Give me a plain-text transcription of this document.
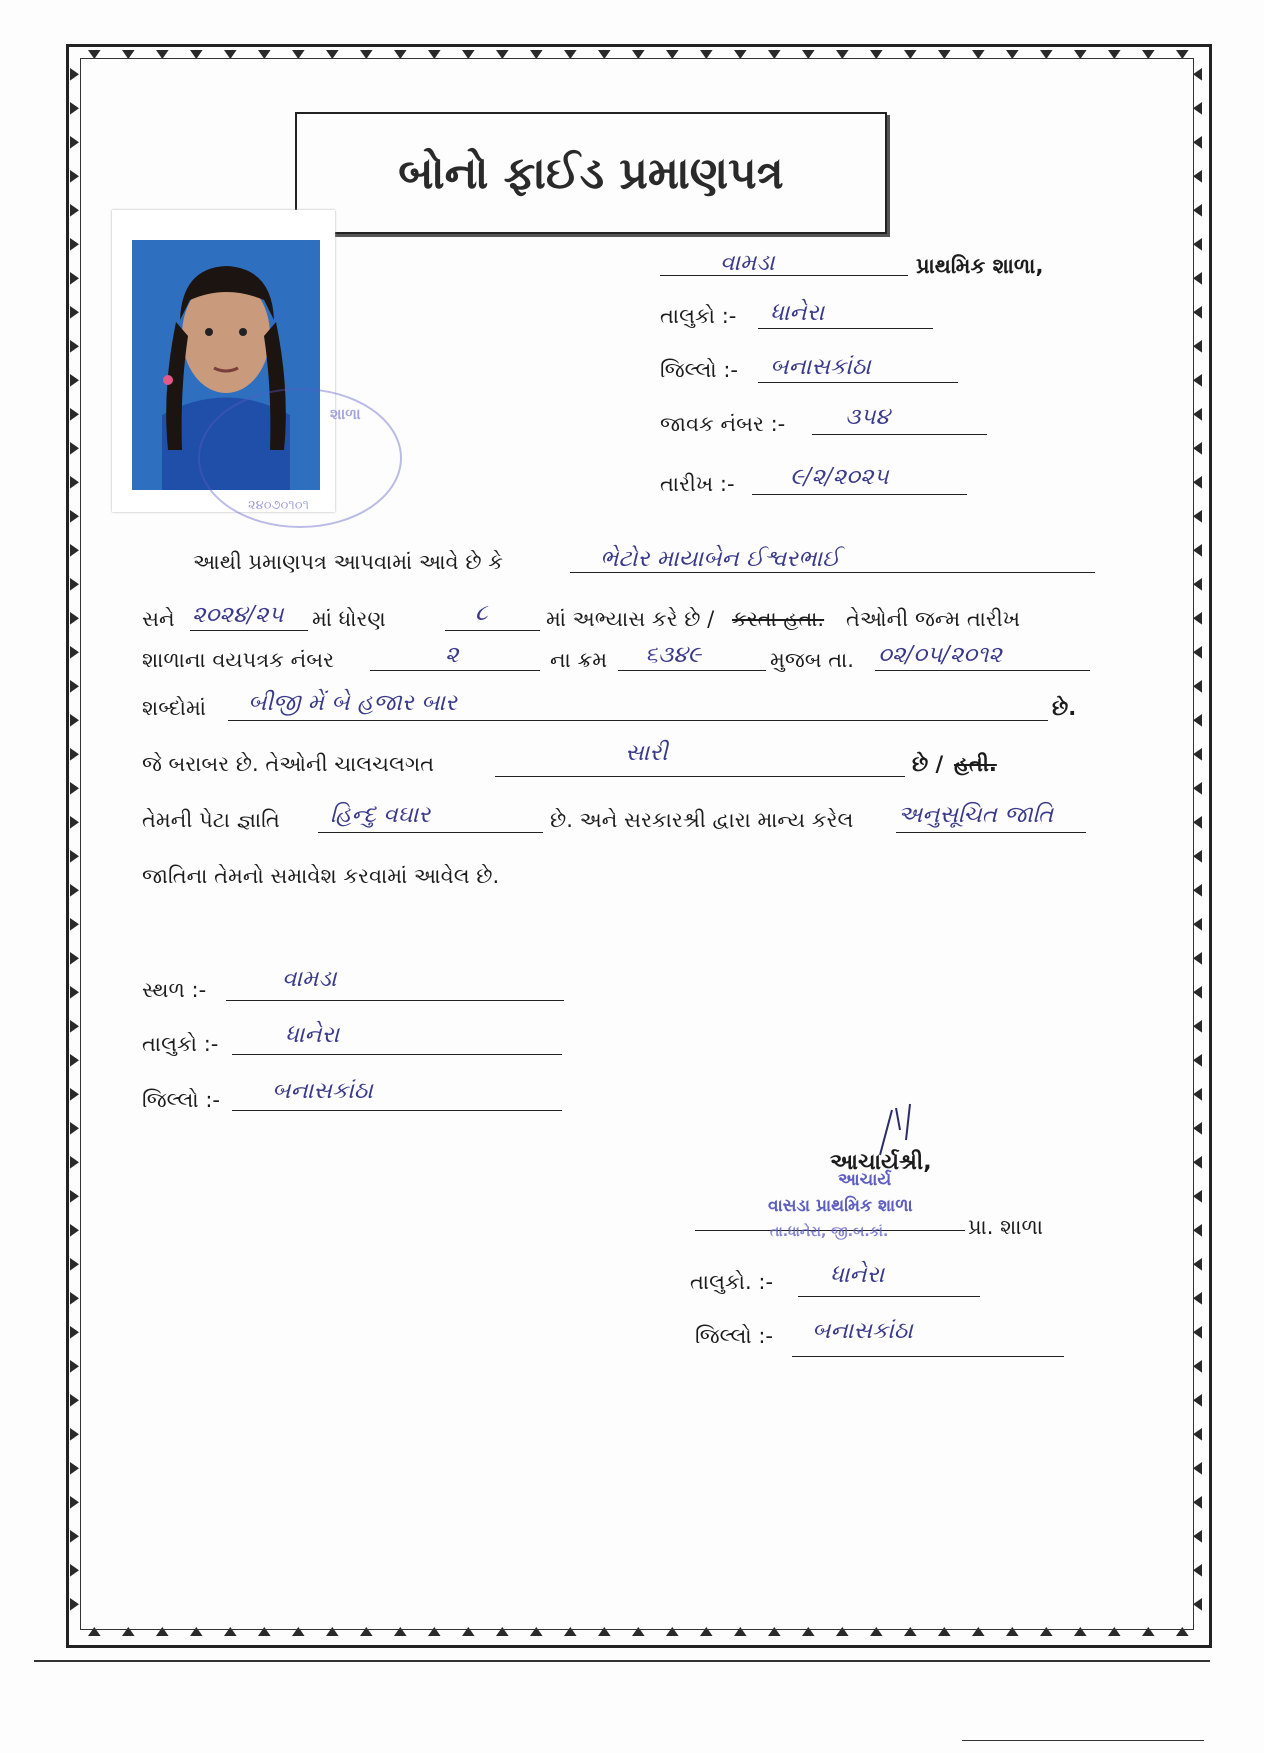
બોનો ફાઈડ પ્રમાણપત્ર
શાળા
૨૪૦૭૦૧૦૧
વામડા	પ્રાથમિક શાળા,
તાલુકો :- ધાનેરા
જિલ્લો :- બનાસકાંઠા
જાવક નંબર :-	૩૫૪
તારીખ :- ૯/૨/૨૦૨૫
આથી પ્રમાણપત્ર આપવામાં આવે છે કે	ભેટોર માયાબેન ઈશ્વરભાઈ
સને ૨૦૨૪/૨૫ માં ધોરણ	૮	માં અભ્યાસ કરે છે / કરતા હતા. તેઓની જન્મ તારીખ
શાળાના વયપત્રક નંબર	૨	ના ક્રમ ૬૩૪૯	મુજબ તા. ૦૨/૦૫/૨૦૧૨
શબ્દોમાં બીજી મેં બે હજાર બાર	છે.
જે બરાબર છે. તેઓની ચાલચલગત	સારી	છે / હતી.
તેમની પેટા જ્ઞાતિ હિન્દુ વઘાર	છે. અને સરકારશ્રી દ્વારા માન્ય કરેલ અનુસૂચિત જાતિ
જાતિના તેમનો સમાવેશ કરવામાં આવેલ છે.
સ્થળ :-	વામડા
તાલુકો :-	ધાનેરા
જિલ્લો :- બનાસકાંઠા
આચાર્યશ્રી,
આચાર્ય
વાસડા પ્રાથમિક શાળા
તા.ધાનેરા, જી.બ.કાં.	પ્રા. શાળા
તાલુકો. :- ધાનેરા
જિલ્લો :- બનાસકાંઠા
